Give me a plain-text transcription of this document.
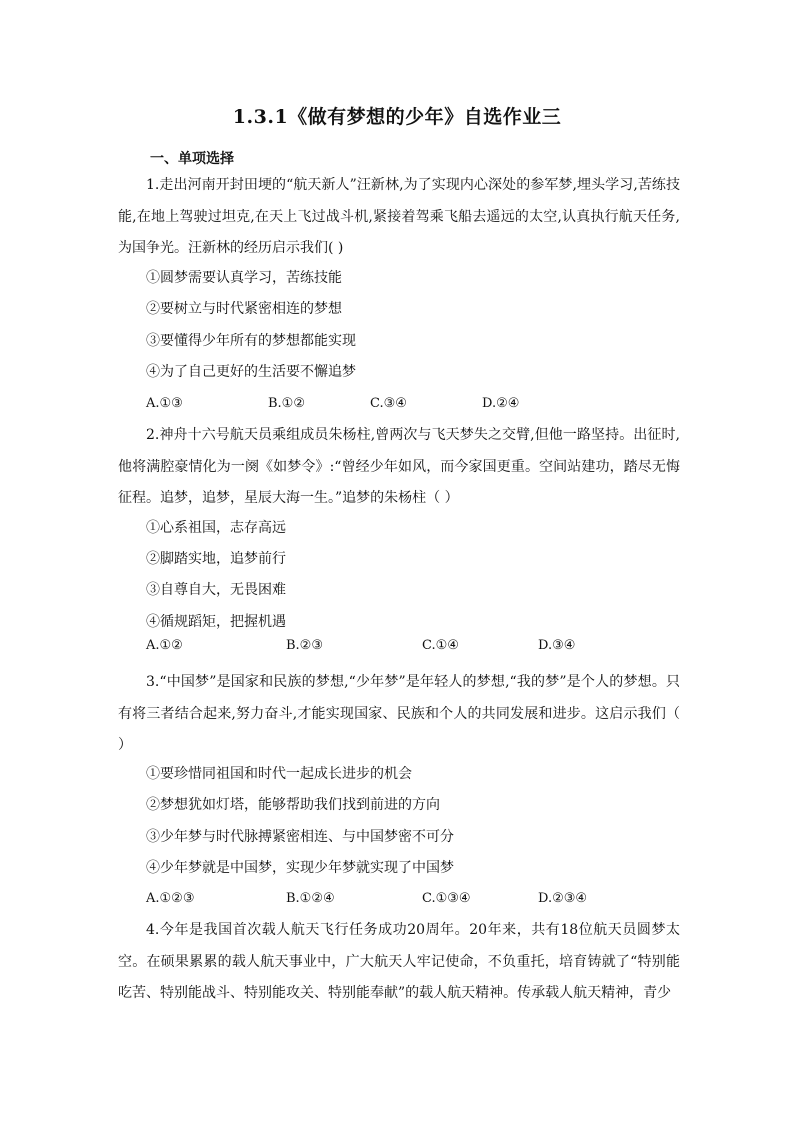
1.3.1《做有梦想的少年》自选作业三
一、单项选择

1.走出河南开封田埂的“航天新人”汪新林,为了实现内心深处的参军梦,埋头学习,苦练技能,在地上驾驶过坦克,在天上飞过战斗机,紧接着驾乘飞船去遥远的太空,认真执行航天任务,为国争光。汪新林的经历启示我们( )

①圆梦需要认真学习，苦练技能
②要树立与时代紧密相连的梦想
③要懂得少年所有的梦想都能实现
④为了自己更好的生活要不懈追梦
A.①③	B.①②	C.③④	D.②④

2.神舟十六号航天员乘组成员朱杨柱,曾两次与飞天梦失之交臂,但他一路坚持。出征时,他将满腔豪情化为一阕《如梦令》:“曾经少年如风，而今家国更重。空间站建功，踏尽无悔征程。追梦，追梦，星辰大海一生。”追梦的朱杨柱（ ）

①心系祖国，志存高远
②脚踏实地，追梦前行
③自尊自大，无畏困难
④循规蹈矩，把握机遇
A.①②	B.②③	C.①④	D.③④

3.“中国梦”是国家和民族的梦想,“少年梦”是年轻人的梦想,“我的梦”是个人的梦想。只有将三者结合起来,努力奋斗,才能实现国家、民族和个人的共同发展和进步。这启示我们（ ）

①要珍惜同祖国和时代一起成长进步的机会
②梦想犹如灯塔，能够帮助我们找到前进的方向
③少年梦与时代脉搏紧密相连、与中国梦密不可分
④少年梦就是中国梦，实现少年梦就实现了中国梦
A.①②③	B.①②④	C.①③④	D.②③④

4.今年是我国首次载人航天飞行任务成功20周年。20年来，共有18位航天员圆梦太空。在硕果累累的载人航天事业中，广大航天人牢记使命，不负重托，培育铸就了“特别能吃苦、特别能战斗、特别能攻关、特别能奉献”的载人航天精神。传承载人航天精神，青少
